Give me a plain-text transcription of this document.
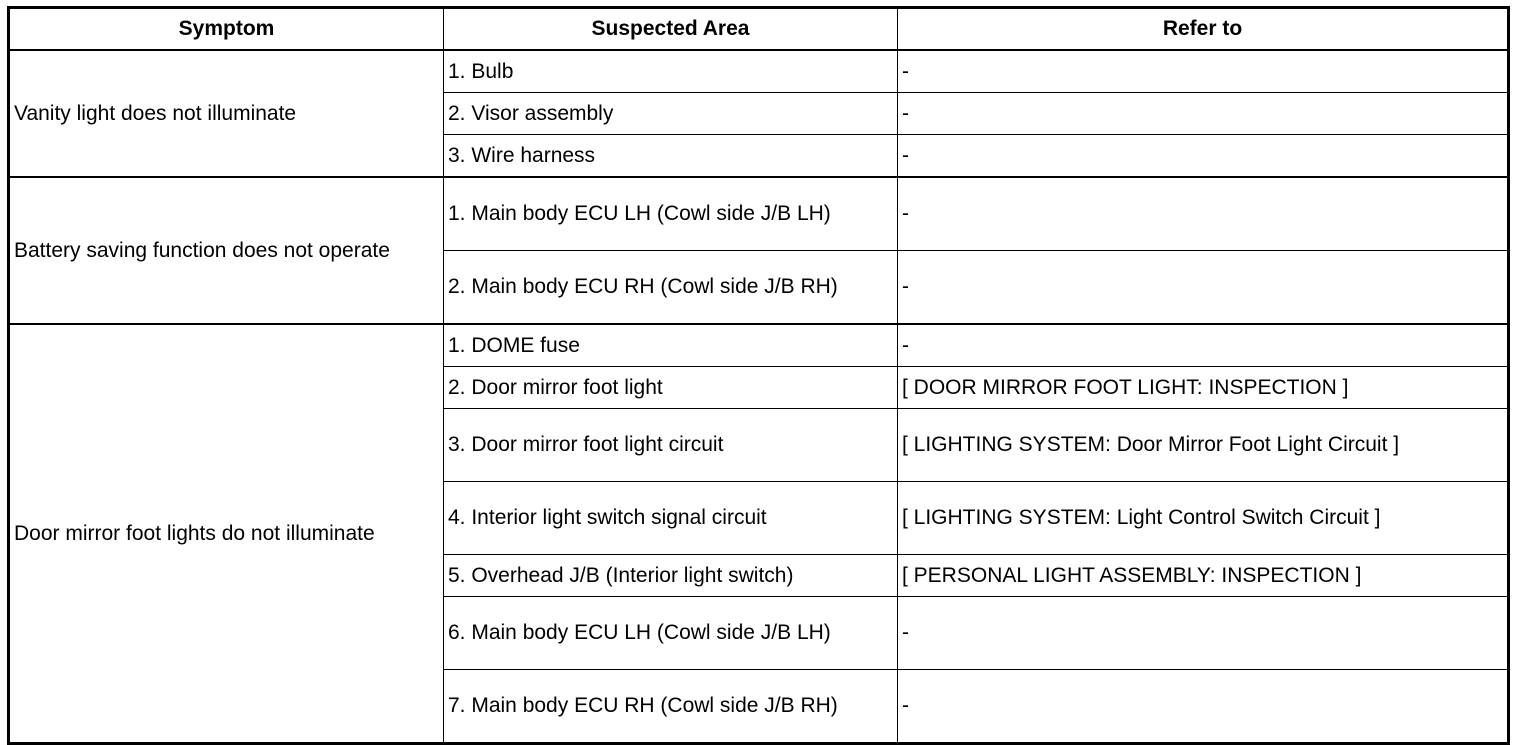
Symptom	Suspected Area	Refer to
Vanity light does not illuminate	1. Bulb	-
	2. Visor assembly	-
	3. Wire harness	-
Battery saving function does not operate	1. Main body ECU LH (Cowl side J/B LH)	-
	2. Main body ECU RH (Cowl side J/B RH)	-
Door mirror foot lights do not illuminate	1. DOME fuse	-
	2. Door mirror foot light	[ DOOR MIRROR FOOT LIGHT: INSPECTION ]
	3. Door mirror foot light circuit	[ LIGHTING SYSTEM: Door Mirror Foot Light Circuit ]
	4. Interior light switch signal circuit	[ LIGHTING SYSTEM: Light Control Switch Circuit ]
	5. Overhead J/B (Interior light switch)	[ PERSONAL LIGHT ASSEMBLY: INSPECTION ]
	6. Main body ECU LH (Cowl side J/B LH)	-
	7. Main body ECU RH (Cowl side J/B RH)	-
